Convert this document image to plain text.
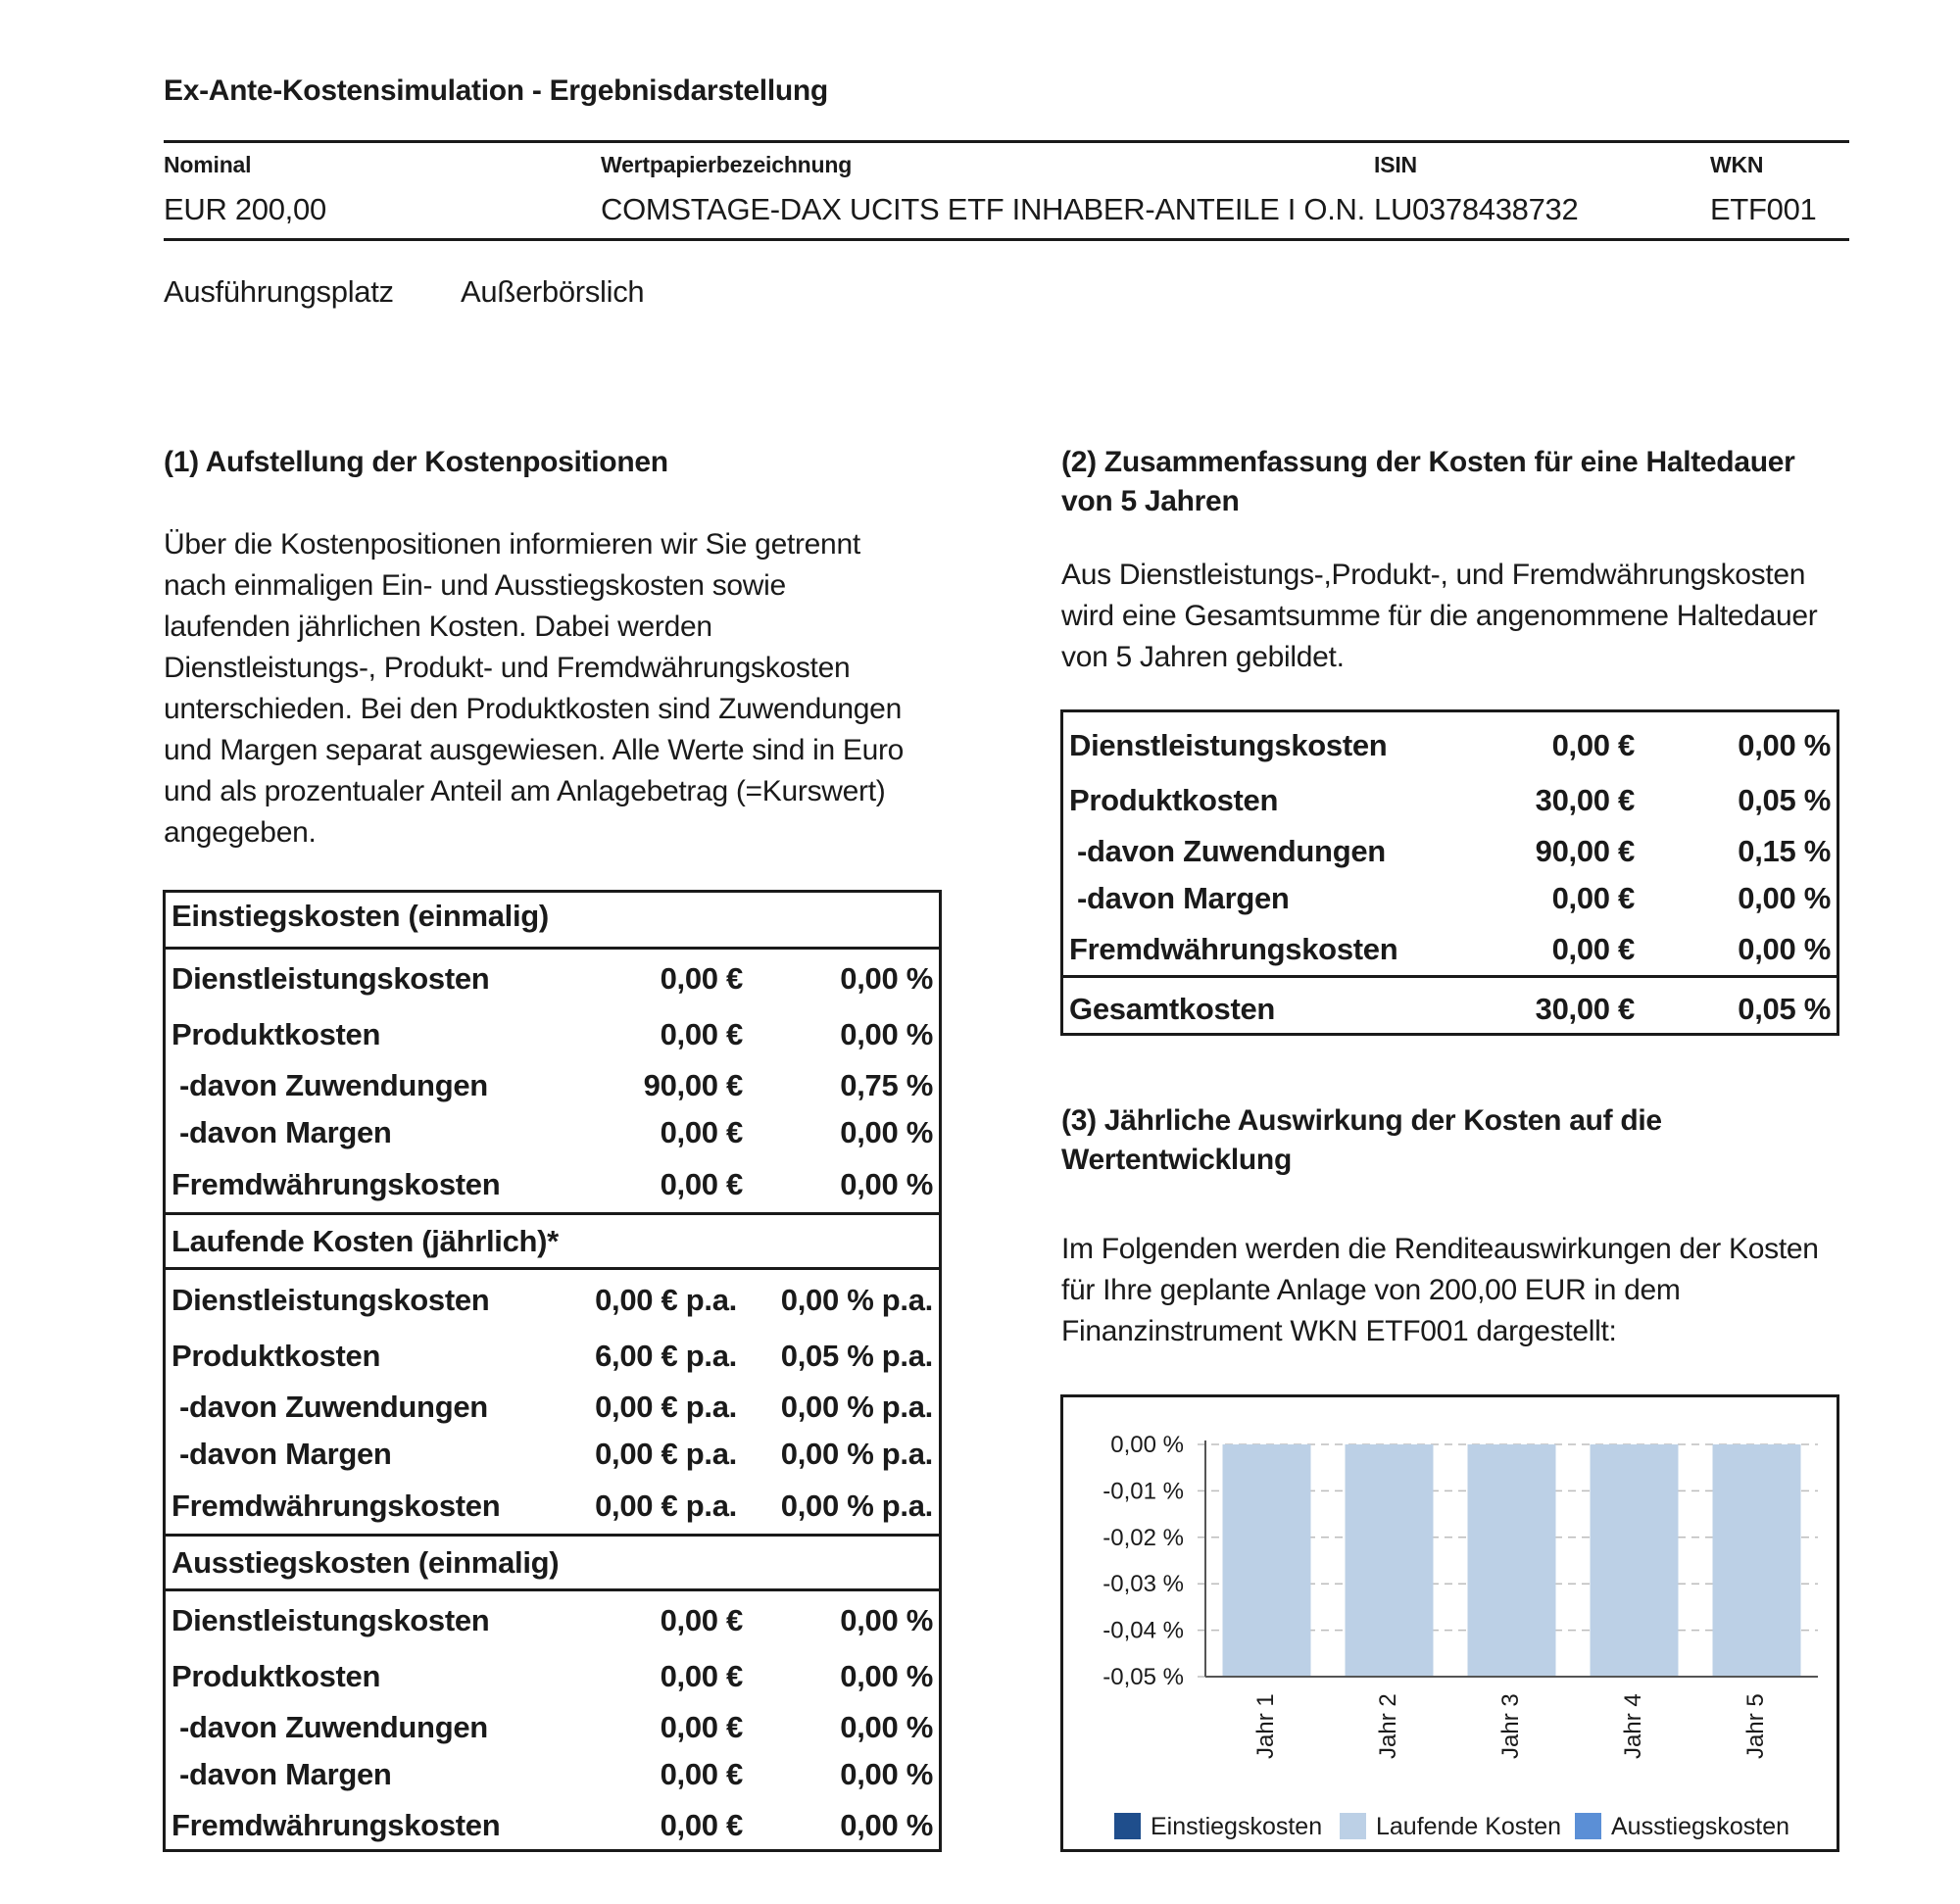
Ex-Ante-Kostensimulation - Ergebnisdarstellung
Nominal	Wertpapierbezeichnung	ISIN	WKN
EUR 200,00	COMSTAGE-DAX UCITS ETF INHABER-ANTEILE I O.N. LU0378438732	ETF001
Ausführungsplatz Außerbörslich
(1) Aufstellung der Kostenpositionen
Über die Kostenpositionen informieren wir Sie getrennt
nach einmaligen Ein- und Ausstiegskosten sowie
laufenden jährlichen Kosten. Dabei werden
Dienstleistungs-, Produkt- und Fremdwährungskosten
unterschieden. Bei den Produktkosten sind Zuwendungen
und Margen separat ausgewiesen. Alle Werte sind in Euro
und als prozentualer Anteil am Anlagebetrag (=Kurswert)
angegeben.
Einstiegskosten (einmalig)
Dienstleistungskosten	0,00 €	0,00 %
Produktkosten	0,00 €	0,00 %
-davon Zuwendungen	90,00 €	0,75 %
-davon Margen	0,00 €	0,00 %
Fremdwährungskosten	0,00 €	0,00 %
Laufende Kosten (jährlich)*
Dienstleistungskosten	0,00 € p.a. 0,00 % p.a.
Produktkosten	6,00 € p.a. 0,05 % p.a.
-davon Zuwendungen	0,00 € p.a. 0,00 % p.a.
-davon Margen	0,00 € p.a. 0,00 % p.a.
Fremdwährungskosten	0,00 € p.a. 0,00 % p.a.
Ausstiegskosten (einmalig)
Dienstleistungskosten	0,00 €	0,00 %
Produktkosten	0,00 €	0,00 %
-davon Zuwendungen	0,00 €	0,00 %
-davon Margen	0,00 €	0,00 %
Fremdwährungskosten	0,00 €	0,00 %
(2) Zusammenfassung der Kosten für eine Haltedauer
von 5 Jahren
Aus Dienstleistungs-,Produkt-, und Fremdwährungskosten
wird eine Gesamtsumme für die angenommene Haltedauer
von 5 Jahren gebildet.
Dienstleistungskosten	0,00 €	0,00 %
Produktkosten	30,00 €	0,05 %
-davon Zuwendungen	90,00 €	0,15 %
-davon Margen	0,00 €	0,00 %
Fremdwährungskosten	0,00 €	0,00 %
Gesamtkosten	30,00 €	0,05 %
(3) Jährliche Auswirkung der Kosten auf die
Wertentwicklung
Im Folgenden werden die Renditeauswirkungen der Kosten
für Ihre geplante Anlage von 200,00 EUR in dem
Finanzinstrument WKN ETF001 dargestellt:
0,00 %
-0,01 %
-0,02 %
-0,03 %
-0,04 %
-0,05 %
Jahr 1	Jahr 2	Jahr 3	Jahr 4	Jahr 5
Einstiegskosten	Laufende Kosten	Ausstiegskosten
